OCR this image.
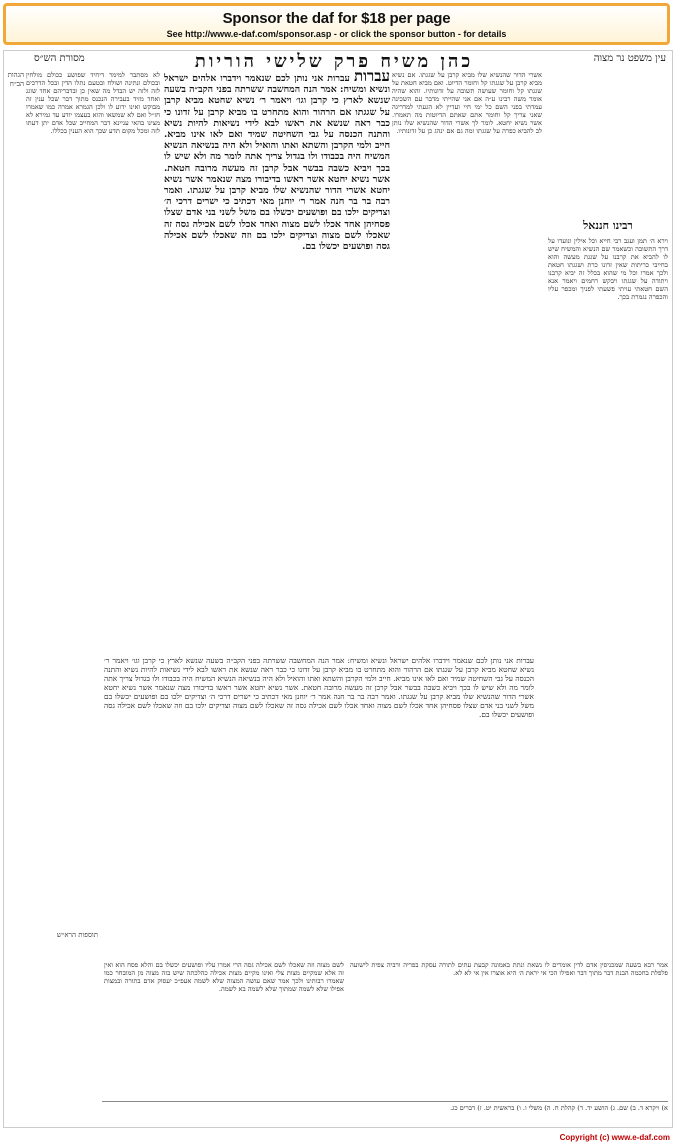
Sponsor the daf for $18 per page
See http://www.e-daf.com/sponsor.asp - or click the sponsor button - for details
עין משפט נר מצוה
כהן משיח פרק שלישי הוריות
מסורת הש״ס
רבינו חננאל
וירא ה׳ תמן ועגב רבי חייא וכל אילין ונועדו על דרך התשובה וכשאמר שם הנשיא והמשיח שיש לו להביא את קרבנו על שגגת מעשה והוא בחייבי כריתות שאין זדונו כרת ושגגתו חטאת ולכך אמרו וכל מי שהוא בכלל זה יביא קרבנו ויתודה על שגגתו ויבקש רחמים ויאמר אנא השם חטאתי עויתי פשעתי לפניך ומכפר עליו והכפרה נגמרת בכך.
אשרי הדור שהנשיא שלו מביא קרבן על שגגתו. אם נשיא מביא קרבן על שגגתו קל וחומר הדיוט. ואם מביא חטאת על שגגתו קל וחומר שעושה תשובה על זדונותיו. והוא שהיה אומר משה רבינו ע״ה אם אני שהייתי מדבר עם השכינה עמדתי בפני השם כל ימי חיי ועדיין לא הגעתי למדריגה שאני צריך קל וחומר אתם שאתם הדיוטות מה תאמרו. אשר נשיא יחטא. לומר לך אשרי הדור שהנשיא שלו נותן לב להביא כפרה על שגגתו ומה גם אם ינהג כן על זדונותיו.
עברות עברות אני נותן לכם שנאמר וידברו אלהים ישראל ונשיא ומשיח: אמר הנה המחשבה ששרתה בפני הקב״ה בשעה שנשא לארץ כי קרבן וגו׳ ויאמר ר׳ נשיא שחטא מביא קרבן על שגגתו אם הרהור והוא מתחרט בו מביא קרבן על זדונו כי כבר ראה שנשא את ראשו לבא לידי נשיאות להיות נשיא והתנה הכנסה על גבי השחיטה שמיד ואם לאו אינו מביא. חייב ולמי הקרבן והשתא ואתו והואיל ולא היה בנשיאה הנשיא המשיח היה בכבודו ולו בגדול צריך אתה לומר מה ולא שיש לו בכך ויביא כשבה בבשר אבל קרבן זה מעשה מרובה חטאת. אשר נשיא יחטא אשר ראשו בדיבורו מצה שנאמר אשר נשיא יחטא אשרי הדור שהנשיא שלו מביא קרבן על שגגתו. ואמר רבה בר בר חנה אמר ר׳ יוחנן מאי דכתיב כי ישרים דרכי ה׳ וצדיקים ילכו בם ופושעים יכשלו בם משל לשני בני אדם שצלו פסחיהן אחד אכלו לשם מצוה ואחד אכלו לשם אכילה גסה זה שאכלו לשם מצוה וצדיקים ילכו בם וזה שאכלו לשם אכילה גסה ופושעים יכשלו בם.
לא מסתבר למימר דיחיד שפושע ככולם מולחין ובכולם ונתינה ושולח ובטעם נתלו הדין ובכל הדרכים לזה ולזה יש הבדל מה שאין כן ובדבריהם אחד שוגג ואחד מזיד בעבירה הנכנס מתוך דבר שכל ענין זה מבוקש ואינו ידוע לו ולכן הגמרא אמרה כמו שאמרו חז״ל ואם לא שמשאו והוא בעצמו יודע עד גמירא לא מצינו בהאי עניינא דבר המחייב שכל אדם יתן דעתו לזה ומכל מקום תדע שכך הוא הענין בכללו.
עברות אני נותן לכם שנאמר וידברו אלהים ישראל ונשיא ומשיח: אמר הנה המחשבה ששרתה בפני הקב״ה בשעה שנשא לארץ כי קרבן וגו׳ ויאמר ר׳ נשיא שחטא מביא קרבן על שגגתו אם הרהור והוא מתחרט בו מביא קרבן על זדונו כי כבר ראה שנשא את ראשו לבא לידי נשיאות להיות נשיא והתנה הכנסה על גבי השחיטה שמיד ואם לאו אינו מביא. חייב ולמי הקרבן והשתא ואתו והואיל ולא היה בנשיאה הנשיא המשיח היה בכבודו ולו בגדול צריך אתה לומר מה ולא שיש לו בכך ויביא כשבה בבשר אבל קרבן זה מעשה מרובה חטאת. אשר נשיא יחטא אשר ראשו בדיבורו מצה שנאמר אשר נשיא יחטא אשרי הדור שהנשיא שלו מביא קרבן על שגגתו. ואמר רבה בר בר חנה אמר ר׳ יוחנן מאי דכתיב כי ישרים דרכי ה׳ וצדיקים ילכו בם ופושעים יכשלו בם משל לשני בני אדם שצלו פסחיהן אחד אכלו לשם מצוה ואחד אכלו לשם אכילה גסה זה שאכלו לשם מצוה וצדיקים ילכו בם וזה שאכלו לשם אכילה גסה ופושעים יכשלו בם.
הגהות הב״ח
תוספות הרא״ש
לשם מצוה וזה שאכלו לשם אכילה גסה הרי אמרו עליו ופושעים יכשלו בם והלא פסח הוא ואין זה אלא שמקיים מצות צלי ואינו מקיים מצות אכילה כהלכתה שיש בזה מצוה מן המובחר כמו שאמרו רבותינו ולכך אמר שאם עושה המצוה שלא לשמה אעפ״כ יעסוק אדם בתורה ובמצות אפילו שלא לשמה שמתוך שלא לשמה בא לשמה.
אמר רבא בשעה שמכניסין אדם לדין אומרים לו נשאת ונתת באמונה קבעת עתים לתורה עסקת בפריה ורביה צפית לישועה פלפלת בחכמה הבנת דבר מתוך דבר ואפילו הכי אי יראת ה׳ היא אוצרו אין אי לא לא.
א) ויקרא ד. ב) שם. ג) הושע יד. ד) קהלת ח. ה) משלי ו. ו) בראשית יט. ז) דברים כג.
Copyright (c) www.e-daf.com
